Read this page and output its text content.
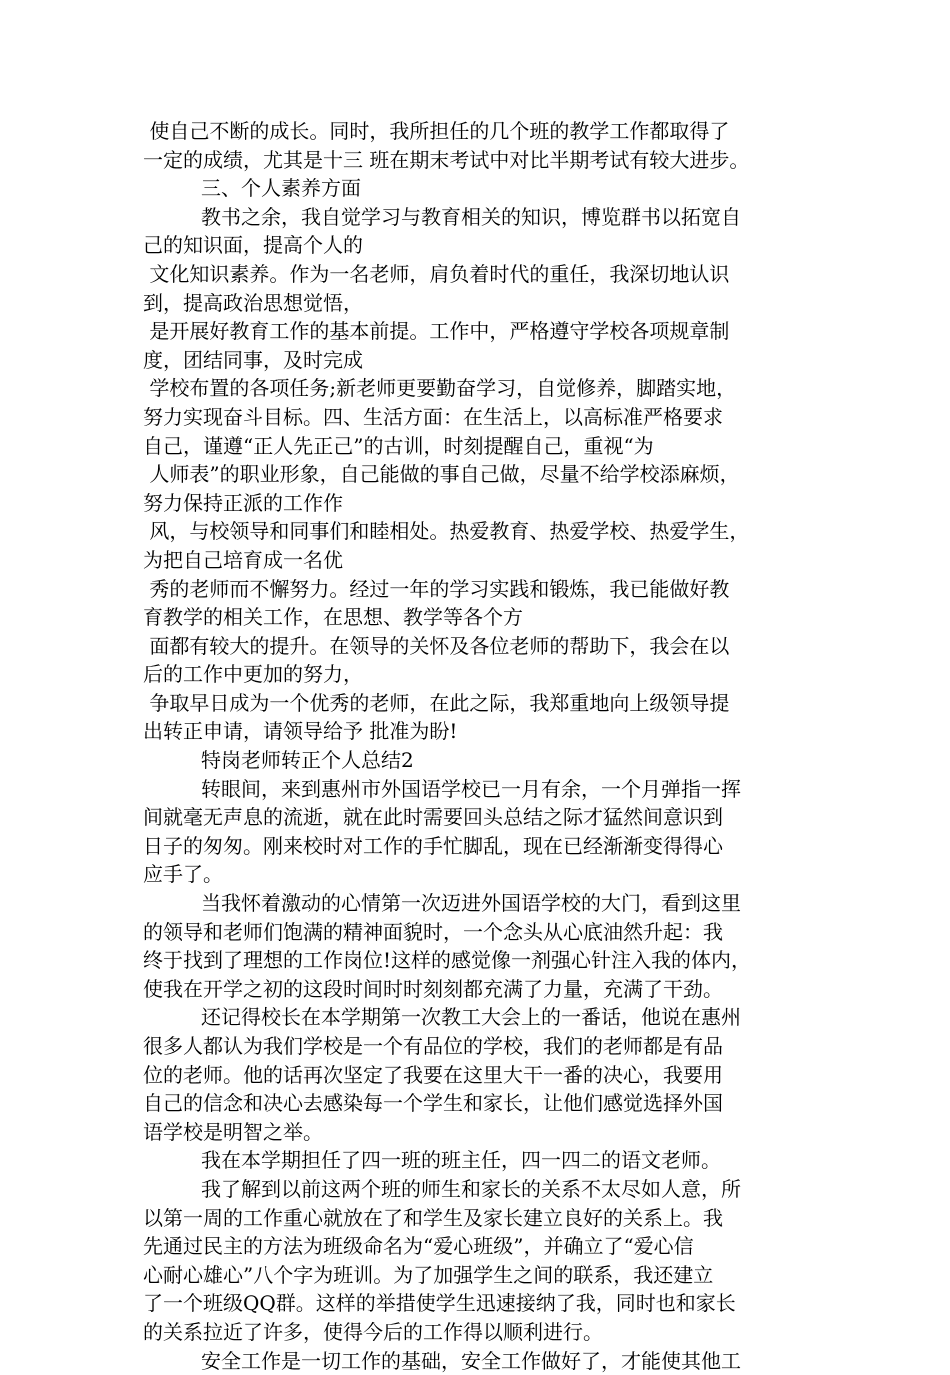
使自己不断的成长。同时，我所担任的几个班的教学工作都取得了
一定的成绩，尤其是十三 班在期末考试中对比半期考试有较大进步。
三、个人素养方面
教书之余，我自觉学习与教育相关的知识，博览群书以拓宽自
己的知识面，提高个人的
文化知识素养。作为一名老师，肩负着时代的重任，我深切地认识
到，提高政治思想觉悟，
是开展好教育工作的基本前提。工作中，严格遵守学校各项规章制
度，团结同事，及时完成
学校布置的各项任务;新老师更要勤奋学习，自觉修养，脚踏实地，
努力实现奋斗目标。四、生活方面：在生活上，以高标准严格要求
自己，谨遵“正人先正己”的古训，时刻提醒自己，重视“为
人师表”的职业形象，自己能做的事自己做，尽量不给学校添麻烦，
努力保持正派的工作作
风，与校领导和同事们和睦相处。热爱教育、热爱学校、热爱学生，
为把自己培育成一名优
秀的老师而不懈努力。经过一年的学习实践和锻炼，我已能做好教
育教学的相关工作，在思想、教学等各个方
面都有较大的提升。在领导的关怀及各位老师的帮助下，我会在以
后的工作中更加的努力，
争取早日成为一个优秀的老师，在此之际，我郑重地向上级领导提
出转正申请，请领导给予 批准为盼!
特岗老师转正个人总结2
转眼间，来到惠州市外国语学校已一月有余，一个月弹指一挥
间就毫无声息的流逝，就在此时需要回头总结之际才猛然间意识到
日子的匆匆。刚来校时对工作的手忙脚乱，现在已经渐渐变得得心
应手了。
当我怀着激动的心情第一次迈进外国语学校的大门，看到这里
的领导和老师们饱满的精神面貌时，一个念头从心底油然升起：我
终于找到了理想的工作岗位!这样的感觉像一剂强心针注入我的体内，
使我在开学之初的这段时间时时刻刻都充满了力量，充满了干劲。
还记得校长在本学期第一次教工大会上的一番话，他说在惠州
很多人都认为我们学校是一个有品位的学校，我们的老师都是有品
位的老师。他的话再次坚定了我要在这里大干一番的决心，我要用
自己的信念和决心去感染每一个学生和家长，让他们感觉选择外国
语学校是明智之举。
我在本学期担任了四一班的班主任，四一四二的语文老师。
我了解到以前这两个班的师生和家长的关系不太尽如人意，所
以第一周的工作重心就放在了和学生及家长建立良好的关系上。我
先通过民主的方法为班级命名为“爱心班级”，并确立了“爱心信
心耐心雄心”八个字为班训。为了加强学生之间的联系，我还建立
了一个班级QQ群。这样的举措使学生迅速接纳了我，同时也和家长
的关系拉近了许多，使得今后的工作得以顺利进行。
安全工作是一切工作的基础，安全工作做好了，才能使其他工
